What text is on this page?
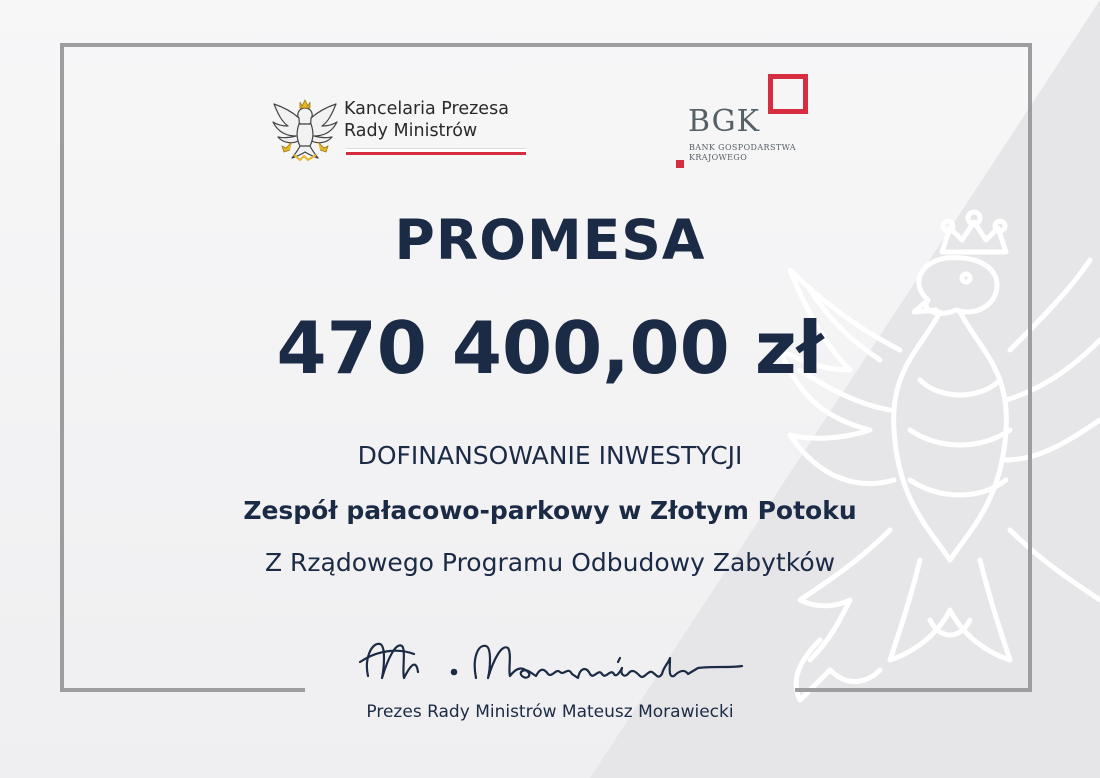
Kancelaria Prezesa
Rady Ministrów	BGK
BANK GOSPODARSTWA
KRAJOWEGO
PROMESA
470 400,00 zł
DOFINANSOWANIE INWESTYCJI
Zespół pałacowo-parkowy w Złotym Potoku
Z Rządowego Programu Odbudowy Zabytków
Prezes Rady Ministrów Mateusz Morawiecki
